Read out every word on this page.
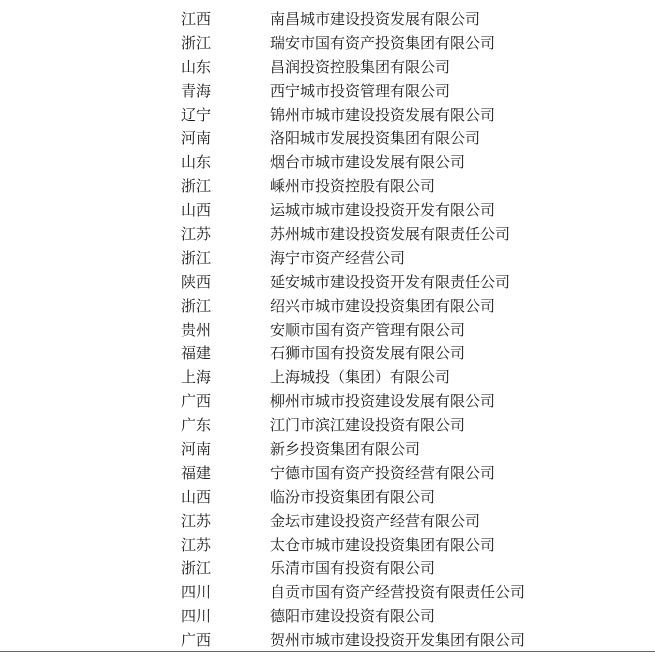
江西	南昌城市建设投资发展有限公司
浙江	瑞安市国有资产投资集团有限公司
山东	昌润投资控股集团有限公司
青海	西宁城市投资管理有限公司
辽宁	锦州市城市建设投资发展有限公司
河南	洛阳城市发展投资集团有限公司
山东	烟台市城市建设发展有限公司
浙江	嵊州市投资控股有限公司
山西	运城市城市建设投资开发有限公司
江苏	苏州城市建设投资发展有限责任公司
浙江	海宁市资产经营公司
陕西	延安城市建设投资开发有限责任公司
浙江	绍兴市城市建设投资集团有限公司
贵州	安顺市国有资产管理有限公司
福建	石狮市国有投资发展有限公司
上海	上海城投（集团）有限公司
广西	柳州市城市投资建设发展有限公司
广东	江门市滨江建设投资有限公司
河南	新乡投资集团有限公司
福建	宁德市国有资产投资经营有限公司
山西	临汾市投资集团有限公司
江苏	金坛市建设投资产经营有限公司
江苏	太仓市城市建设投资集团有限公司
浙江	乐清市国有投资有限公司
四川	自贡市国有资产经营投资有限责任公司
四川	德阳市建设投资有限公司
广西	贺州市城市建设投资开发集团有限公司
